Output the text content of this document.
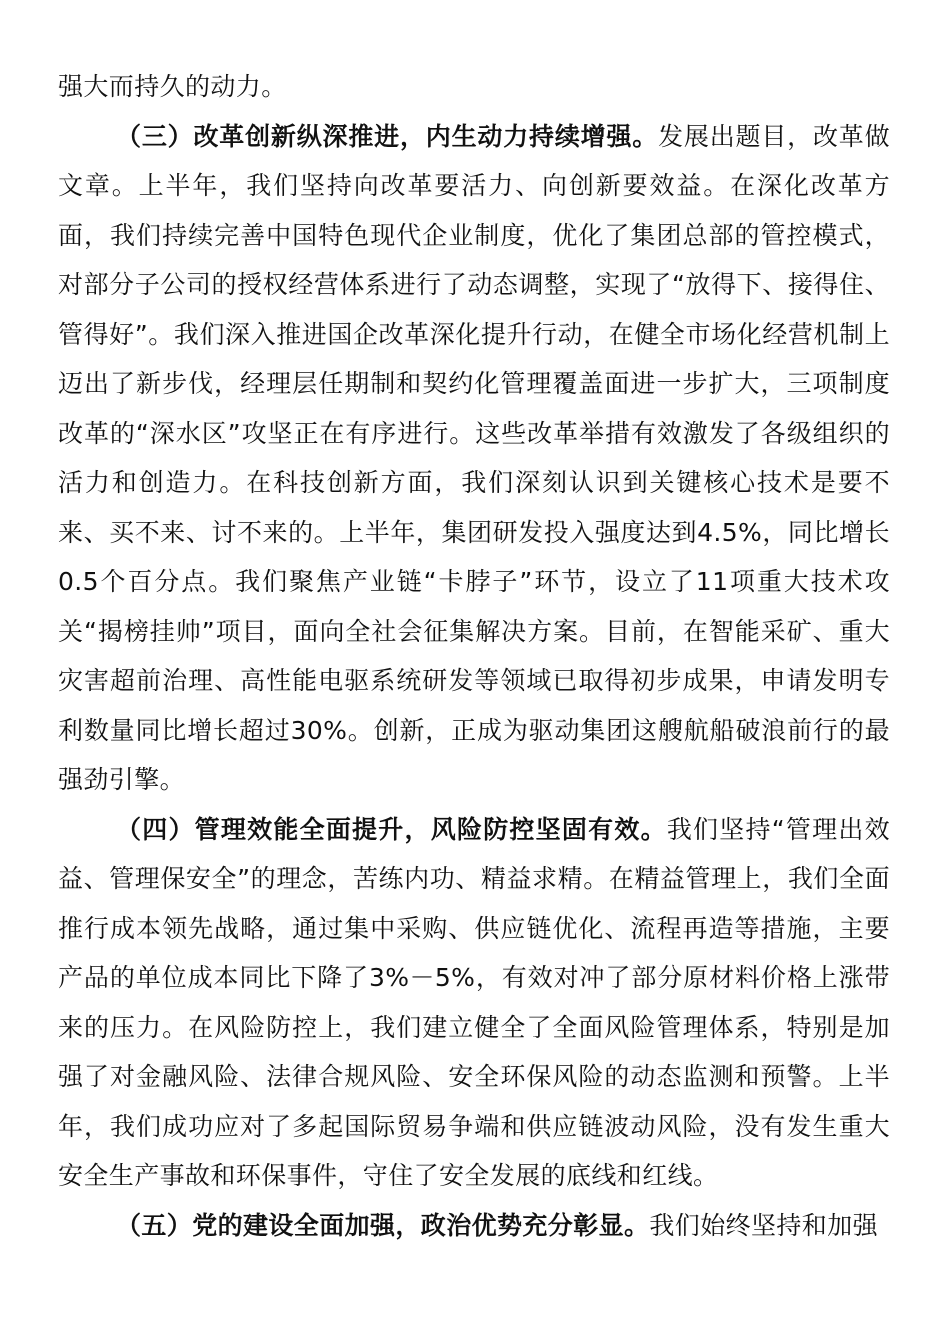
强大而持久的动力。

（三）改革创新纵深推进，内生动力持续增强。发展出题目，改革做文章。上半年，我们坚持向改革要活力、向创新要效益。在深化改革方面，我们持续完善中国特色现代企业制度，优化了集团总部的管控模式，对部分子公司的授权经营体系进行了动态调整，实现了“放得下、接得住、管得好”。我们深入推进国企改革深化提升行动，在健全市场化经营机制上迈出了新步伐，经理层任期制和契约化管理覆盖面进一步扩大，三项制度改革的“深水区”攻坚正在有序进行。这些改革举措有效激发了各级组织的活力和创造力。在科技创新方面，我们深刻认识到关键核心技术是要不来、买不来、讨不来的。上半年，集团研发投入强度达到4.5%，同比增长0.5个百分点。我们聚焦产业链“卡脖子”环节，设立了11项重大技术攻关“揭榜挂帅”项目，面向全社会征集解决方案。目前，在智能采矿、重大灾害超前治理、高性能电驱系统研发等领域已取得初步成果，申请发明专利数量同比增长超过30%。创新，正成为驱动集团这艘航船破浪前行的最强劲引擎。

（四）管理效能全面提升，风险防控坚固有效。我们坚持“管理出效益、管理保安全”的理念，苦练内功、精益求精。在精益管理上，我们全面推行成本领先战略，通过集中采购、供应链优化、流程再造等措施，主要产品的单位成本同比下降了3%－5%，有效对冲了部分原材料价格上涨带来的压力。在风险防控上，我们建立健全了全面风险管理体系，特别是加强了对金融风险、法律合规风险、安全环保风险的动态监测和预警。上半年，我们成功应对了多起国际贸易争端和供应链波动风险，没有发生重大安全生产事故和环保事件，守住了安全发展的底线和红线。

（五）党的建设全面加强，政治优势充分彰显。我们始终坚持和加强
